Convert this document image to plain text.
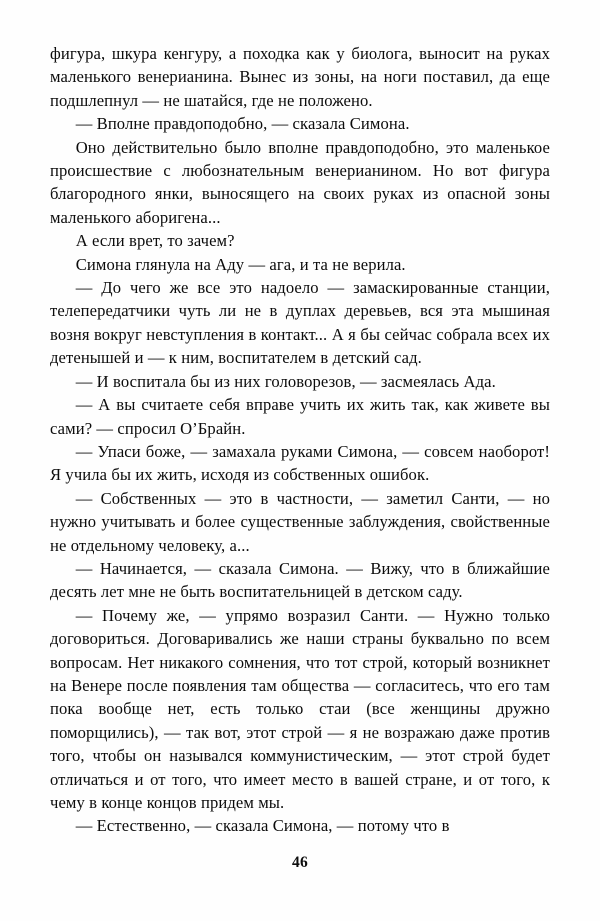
фигура, шкура кенгуру, а походка как у биолога, выносит на руках маленького венерианина. Вынес из зоны, на ноги поставил, да еще подшлепнул — не шатайся, где не положено.

— Вполне правдоподобно, — сказала Симона.

Оно действительно было вполне правдоподобно, это маленькое происшествие с любознательным венерианином. Но вот фигура благородного янки, выносящего на своих руках из опасной зоны маленького аборигена...

А если врет, то зачем?

Симона глянула на Аду — ага, и та не верила.

— До чего же все это надоело — замаскированные станции, телепередатчики чуть ли не в дуплах деревьев, вся эта мышиная возня вокруг невступления в контакт... А я бы сейчас собрала всех их детенышей и — к ним, воспитателем в детский сад.

— И воспитала бы из них головорезов, — засмеялась Ада.

— А вы считаете себя вправе учить их жить так, как живете вы сами? — спросил О’Брайн.

— Упаси боже, — замахала руками Симона, — совсем наоборот! Я учила бы их жить, исходя из собственных ошибок.

— Собственных — это в частности, — заметил Санти, — но нужно учитывать и более существенные заблуждения, свойственные не отдельному человеку, а...

— Начинается, — сказала Симона. — Вижу, что в ближайшие десять лет мне не быть воспитательницей в детском саду.

— Почему же, — упрямо возразил Санти. — Нужно только договориться. Договаривались же наши страны буквально по всем вопросам. Нет никакого сомнения, что тот строй, который возникнет на Венере после появления там общества — согласитесь, что его там пока вообще нет, есть только стаи (все женщины дружно поморщились), — так вот, этот строй — я не возражаю даже против того, чтобы он назывался коммунистическим, — этот строй будет отличаться и от того, что имеет место в вашей стране, и от того, к чему в конце концов придем мы.

— Естественно, — сказала Симона, — потому что в

46
